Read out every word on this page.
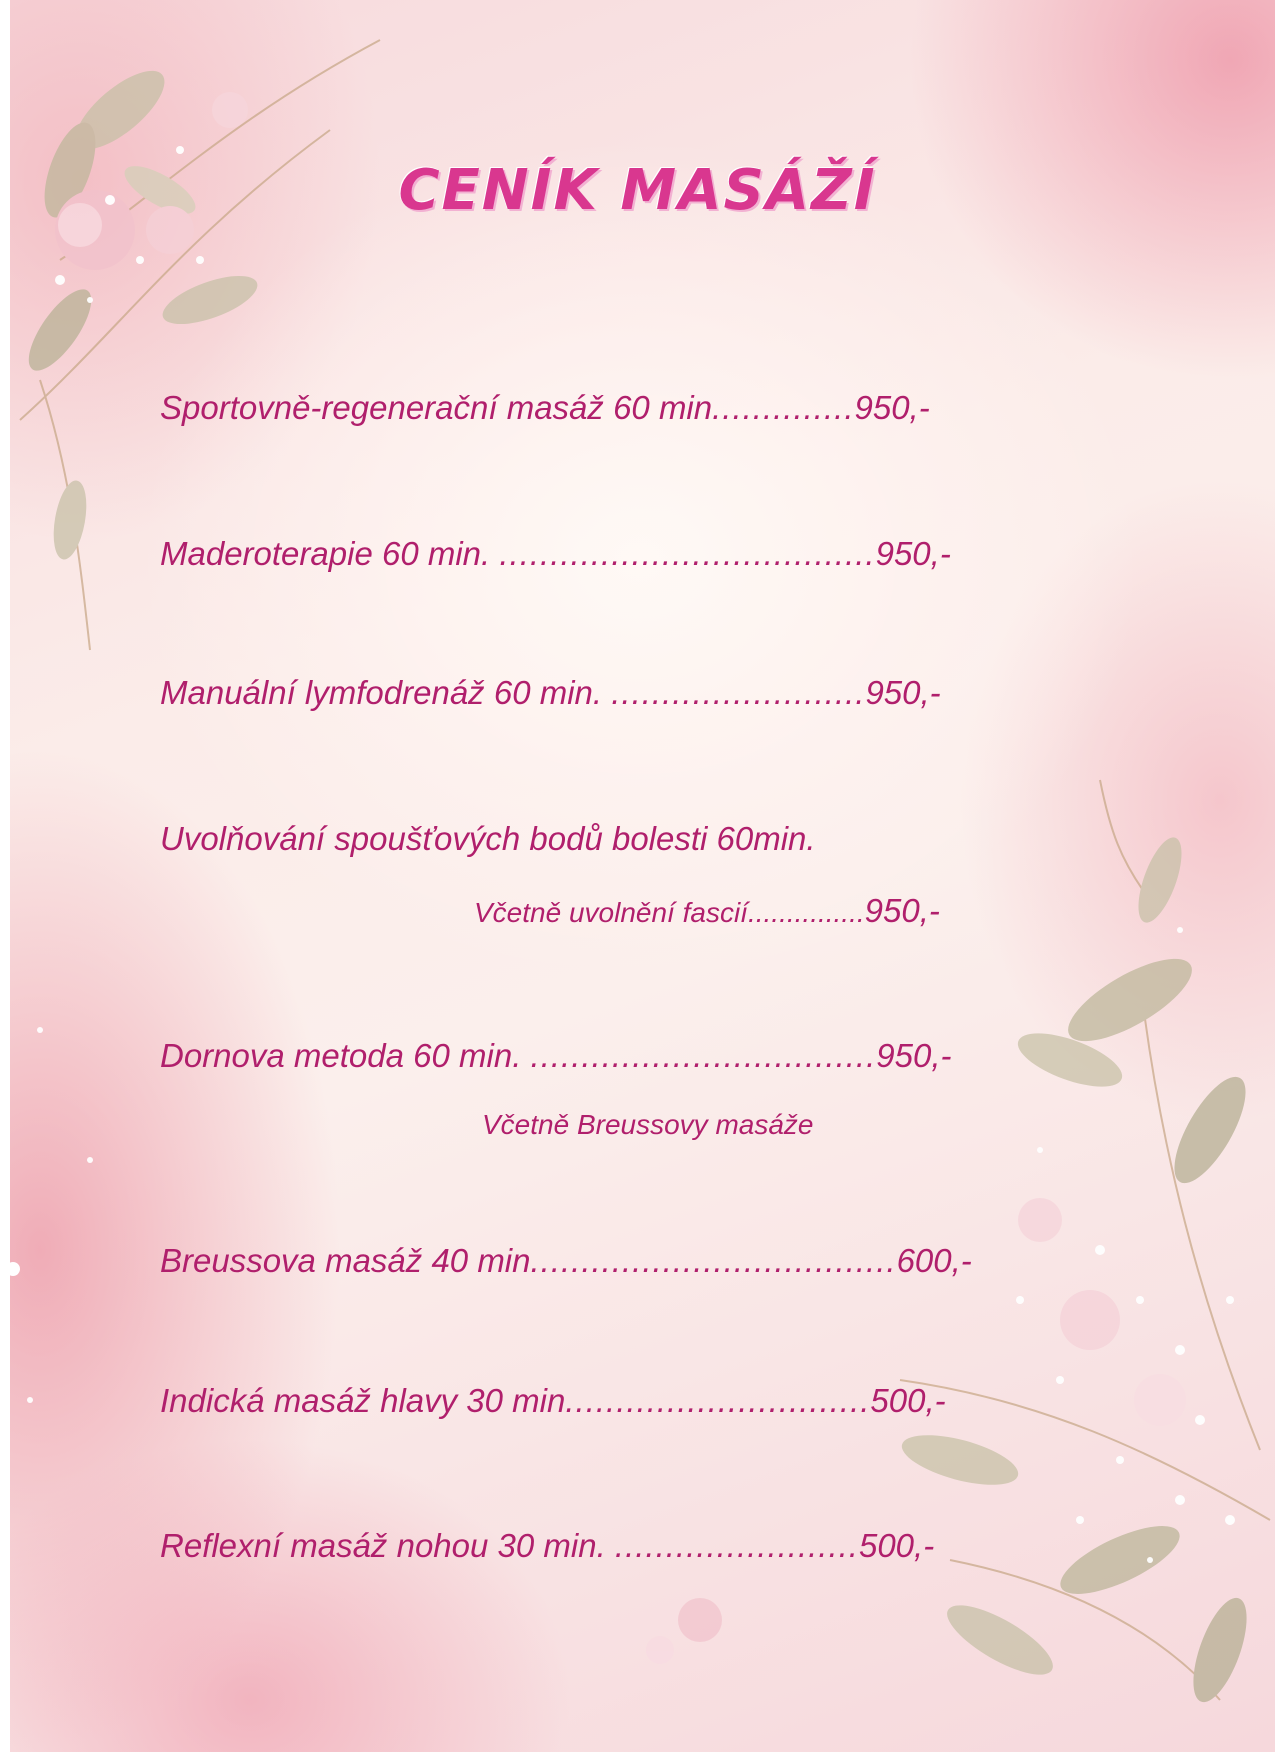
CENÍK MASÁŽÍ
Sportovně-regenerační masáž 60 min..............950,-
Maderoterapie 60 min. .....................................950,-
Manuální lymfodrenáž 60 min. .........................950,-
Uvolňování spoušťových bodů bolesti 60min.
Včetně uvolnění fascií...............950,-
Dornova metoda 60 min. ..................................950,-
Včetně Breussovy masáže
Breussova masáž 40 min....................................600,-
Indická masáž hlavy 30 min..............................500,-
Reflexní masáž nohou 30 min. ........................500,-
